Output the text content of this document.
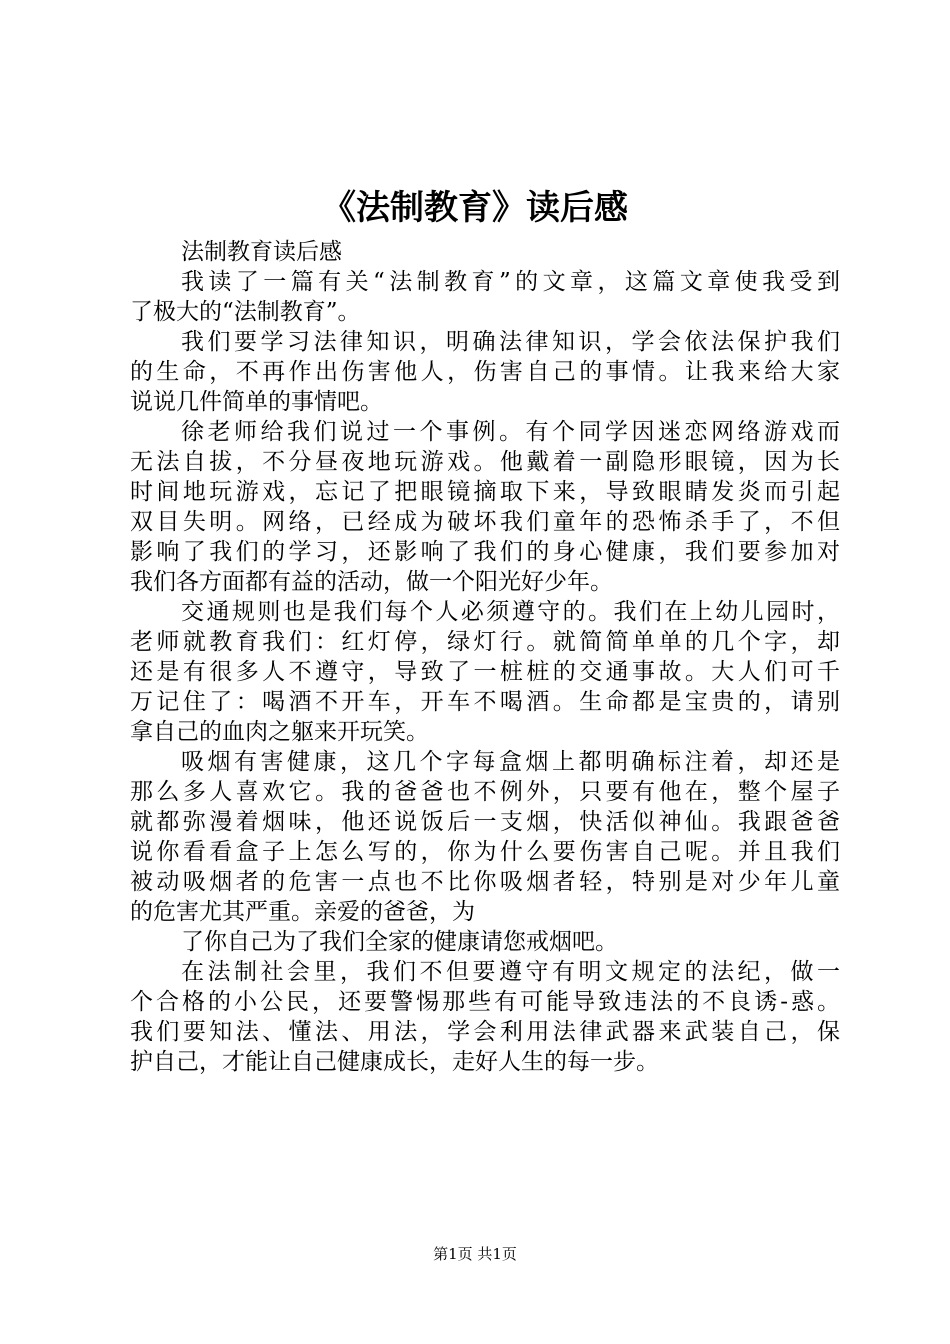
《法制教育》读后感

法制教育读后感

我读了一篇有关“法制教育”的文章，这篇文章使我受到
了极大的“法制教育”。

我们要学习法律知识，明确法律知识，学会依法保护我们
的生命，不再作出伤害他人，伤害自己的事情。让我来给大家
说说几件简单的事情吧。

徐老师给我们说过一个事例。有个同学因迷恋网络游戏而
无法自拔，不分昼夜地玩游戏。他戴着一副隐形眼镜，因为长
时间地玩游戏，忘记了把眼镜摘取下来，导致眼睛发炎而引起
双目失明。网络，已经成为破坏我们童年的恐怖杀手了，不但
影响了我们的学习，还影响了我们的身心健康，我们要参加对
我们各方面都有益的活动，做一个阳光好少年。

交通规则也是我们每个人必须遵守的。我们在上幼儿园时，
老师就教育我们：红灯停，绿灯行。就简简单单的几个字，却
还是有很多人不遵守，导致了一桩桩的交通事故。大人们可千
万记住了：喝酒不开车，开车不喝酒。生命都是宝贵的，请别
拿自己的血肉之躯来开玩笑。

吸烟有害健康，这几个字每盒烟上都明确标注着，却还是
那么多人喜欢它。我的爸爸也不例外，只要有他在，整个屋子
就都弥漫着烟味，他还说饭后一支烟，快活似神仙。我跟爸爸
说你看看盒子上怎么写的，你为什么要伤害自己呢。并且我们
被动吸烟者的危害一点也不比你吸烟者轻，特别是对少年儿童
的危害尤其严重。亲爱的爸爸，为

了你自己为了我们全家的健康请您戒烟吧。

在法制社会里，我们不但要遵守有明文规定的法纪，做一
个合格的小公民，还要警惕那些有可能导致违法的不良诱-惑。
我们要知法、懂法、用法，学会利用法律武器来武装自己，保
护自己，才能让自己健康成长，走好人生的每一步。

第1页 共1页
